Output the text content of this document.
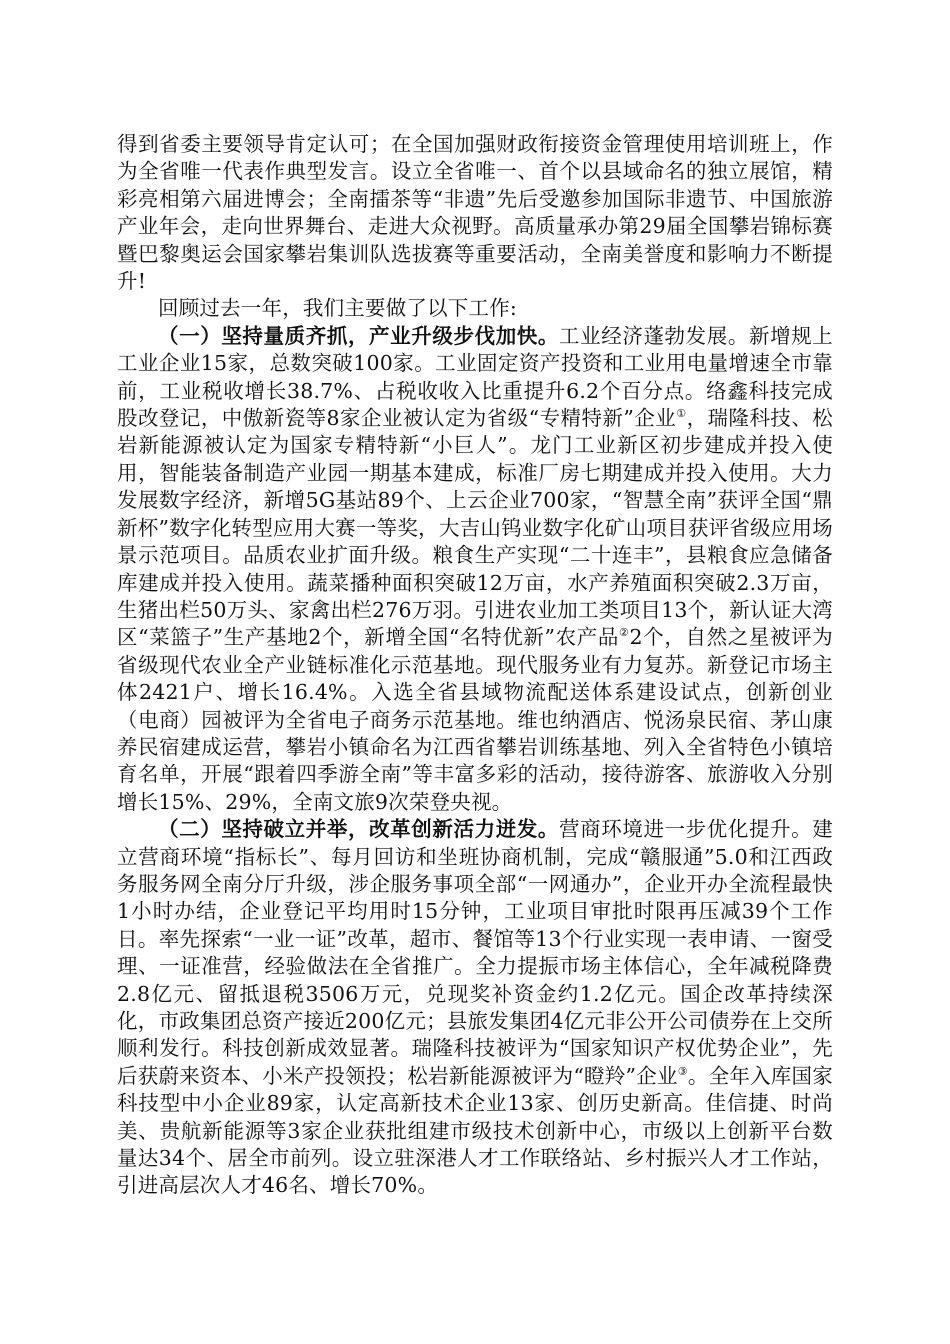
得到省委主要领导肯定认可；在全国加强财政衔接资金管理使用培训班上，作为全省唯一代表作典型发言。设立全省唯一、首个以县域命名的独立展馆，精彩亮相第六届进博会；全南擂茶等“非遗”先后受邀参加国际非遗节、中国旅游产业年会，走向世界舞台、走进大众视野。高质量承办第29届全国攀岩锦标赛暨巴黎奥运会国家攀岩集训队选拔赛等重要活动，全南美誉度和影响力不断提升!

回顾过去一年，我们主要做了以下工作:

（一）坚持量质齐抓，产业升级步伐加快。工业经济蓬勃发展。新增规上工业企业15家，总数突破100家。工业固定资产投资和工业用电量增速全市靠前，工业税收增长38.7%、占税收收入比重提升6.2个百分点。络鑫科技完成股改登记，中傲新瓷等8家企业被认定为省级“专精特新”企业①，瑞隆科技、松岩新能源被认定为国家专精特新“小巨人”。龙门工业新区初步建成并投入使用，智能装备制造产业园一期基本建成，标准厂房七期建成并投入使用。大力发展数字经济，新增5G基站89个、上云企业700家，“智慧全南”获评全国“鼎新杯”数字化转型应用大赛一等奖，大吉山钨业数字化矿山项目获评省级应用场景示范项目。品质农业扩面升级。粮食生产实现“二十连丰”，县粮食应急储备库建成并投入使用。蔬菜播种面积突破12万亩，水产养殖面积突破2.3万亩，生猪出栏50万头、家禽出栏276万羽。引进农业加工类项目13个，新认证大湾区“菜篮子”生产基地2个，新增全国“名特优新”农产品②2个，自然之星被评为省级现代农业全产业链标准化示范基地。现代服务业有力复苏。新登记市场主体2421户、增长16.4%。入选全省县域物流配送体系建设试点，创新创业（电商）园被评为全省电子商务示范基地。维也纳酒店、悦汤泉民宿、茅山康养民宿建成运营，攀岩小镇命名为江西省攀岩训练基地、列入全省特色小镇培育名单，开展“跟着四季游全南”等丰富多彩的活动，接待游客、旅游收入分别增长15%、29%，全南文旅9次荣登央视。

（二）坚持破立并举，改革创新活力迸发。营商环境进一步优化提升。建立营商环境“指标长”、每月回访和坐班协商机制，完成“赣服通”5.0和江西政务服务网全南分厅升级，涉企服务事项全部“一网通办”，企业开办全流程最快1小时办结，企业登记平均用时15分钟，工业项目审批时限再压减39个工作日。率先探索“一业一证”改革，超市、餐馆等13个行业实现一表申请、一窗受理、一证准营，经验做法在全省推广。全力提振市场主体信心，全年减税降费2.8亿元、留抵退税3506万元，兑现奖补资金约1.2亿元。国企改革持续深化，市政集团总资产接近200亿元；县旅发集团4亿元非公开公司债券在上交所顺利发行。科技创新成效显著。瑞隆科技被评为“国家知识产权优势企业”，先后获蔚来资本、小米产投领投；松岩新能源被评为“瞪羚”企业③。全年入库国家科技型中小企业89家，认定高新技术企业13家、创历史新高。佳信捷、时尚美、贵航新能源等3家企业获批组建市级技术创新中心，市级以上创新平台数量达34个、居全市前列。设立驻深港人才工作联络站、乡村振兴人才工作站，引进高层次人才46名、增长70%。
